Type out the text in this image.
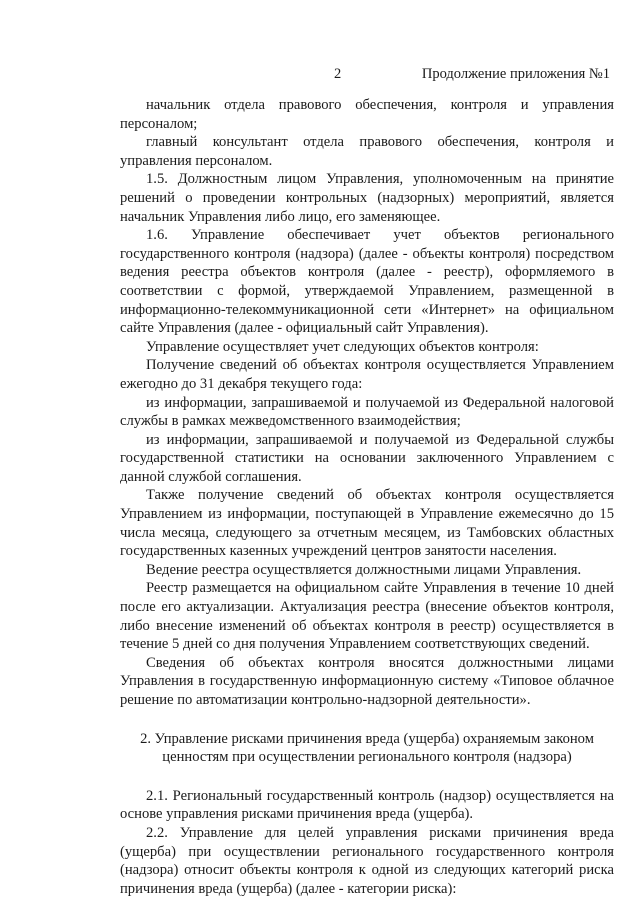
2	Продолжение приложения №1

начальник отдела правового обеспечения, контроля и управления персоналом;

главный консультант отдела правового обеспечения, контроля и управления персоналом.

1.5. Должностным лицом Управления, уполномоченным на принятие решений о проведении контрольных (надзорных) мероприятий, является начальник Управления либо лицо, его заменяющее.

1.6. Управление обеспечивает учет объектов регионального государственного контроля (надзора) (далее - объекты контроля) посредством ведения реестра объектов контроля (далее - реестр), оформляемого в соответствии с формой, утверждаемой Управлением, размещенной в информационно-телекоммуникационной сети «Интернет» на официальном сайте Управления (далее - официальный сайт Управления).

Управление осуществляет учет следующих объектов контроля:

Получение сведений об объектах контроля осуществляется Управлением ежегодно до 31 декабря текущего года:

из информации, запрашиваемой и получаемой из Федеральной налоговой службы в рамках межведомственного взаимодействия;

из информации, запрашиваемой и получаемой из Федеральной службы государственной статистики на основании заключенного Управлением с данной службой соглашения.

Также получение сведений об объектах контроля осуществляется Управлением из информации, поступающей в Управление ежемесячно до 15 числа месяца, следующего за отчетным месяцем, из Тамбовских областных государственных казенных учреждений центров занятости населения.

Ведение реестра осуществляется должностными лицами Управления.

Реестр размещается на официальном сайте Управления в течение 10 дней после его актуализации. Актуализация реестра (внесение объектов контроля, либо внесение изменений об объектах контроля в реестр) осуществляется в течение 5 дней со дня получения Управлением соответствующих сведений.

Сведения об объектах контроля вносятся должностными лицами Управления в государственную информационную систему «Типовое облачное решение по автоматизации контрольно-надзорной деятельности».

2. Управление рисками причинения вреда (ущерба) охраняемым законом ценностям при осуществлении регионального контроля (надзора)

2.1. Региональный государственный контроль (надзор) осуществляется на основе управления рисками причинения вреда (ущерба).

2.2. Управление для целей управления рисками причинения вреда (ущерба) при осуществлении регионального государственного контроля (надзора) относит объекты контроля к одной из следующих категорий риска причинения вреда (ущерба) (далее - категории риска):
